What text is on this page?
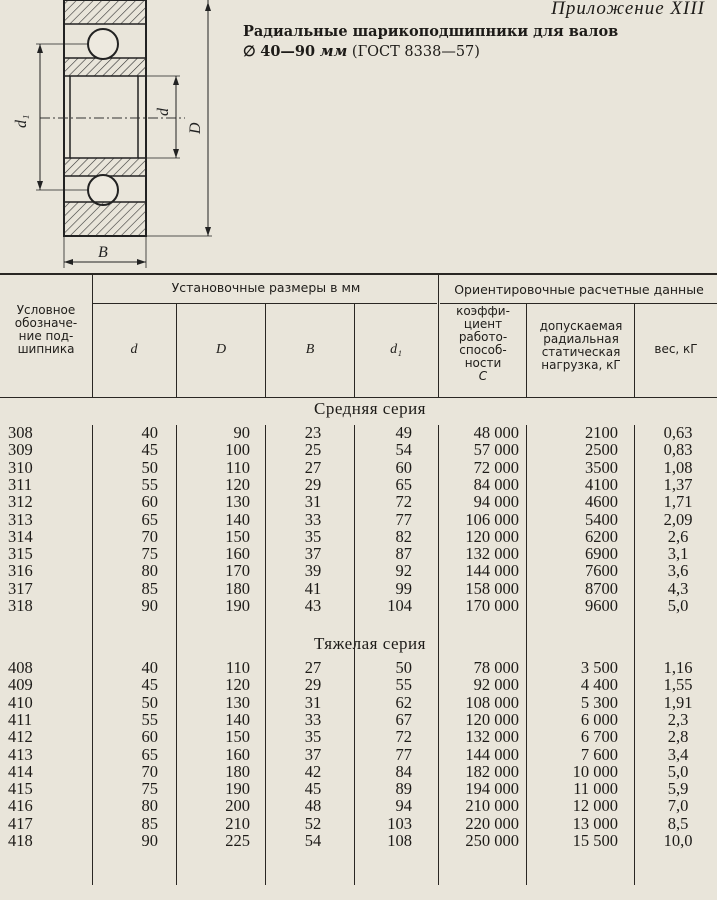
Приложение XIII
Радиальные шарикоподшипники для валов
∅ 40—90 мм (ГОСТ 8338—57)
d₁
d
D
B
Условное
обозначе-
ние под-
шипника
Установочные размеры в мм	Ориентировочные расчетные данные
d	D	B	d₁
коэффи-
циент
работо-
способ-
ности
C
допускаемая
радиальная
статическая
нагрузка, кГ
вес, кГ
Средняя серия
Тяжелая серия
308	40	90	23	49	48 000	2100	0,63
309	45	100	25	54	57 000	2500	0,83
310	50	110	27	60	72 000	3500	1,08
311	55	120	29	65	84 000	4100	1,37
312	60	130	31	72	94 000	4600	1,71
313	65	140	33	77	106 000	5400	2,09
314	70	150	35	82	120 000	6200	2,6
315	75	160	37	87	132 000	6900	3,1
316	80	170	39	92	144 000	7600	3,6
317	85	180	41	99	158 000	8700	4,3
318	90	190	43	104	170 000	9600	5,0
408	40	110	27	50	78 000	3 500	1,16
409	45	120	29	55	92 000	4 400	1,55
410	50	130	31	62	108 000	5 300	1,91
411	55	140	33	67	120 000	6 000	2,3
412	60	150	35	72	132 000	6 700	2,8
413	65	160	37	77	144 000	7 600	3,4
414	70	180	42	84	182 000	10 000	5,0
415	75	190	45	89	194 000	11 000	5,9
416	80	200	48	94	210 000	12 000	7,0
417	85	210	52	103	220 000	13 000	8,5
418	90	225	54	108	250 000	15 500	10,0
